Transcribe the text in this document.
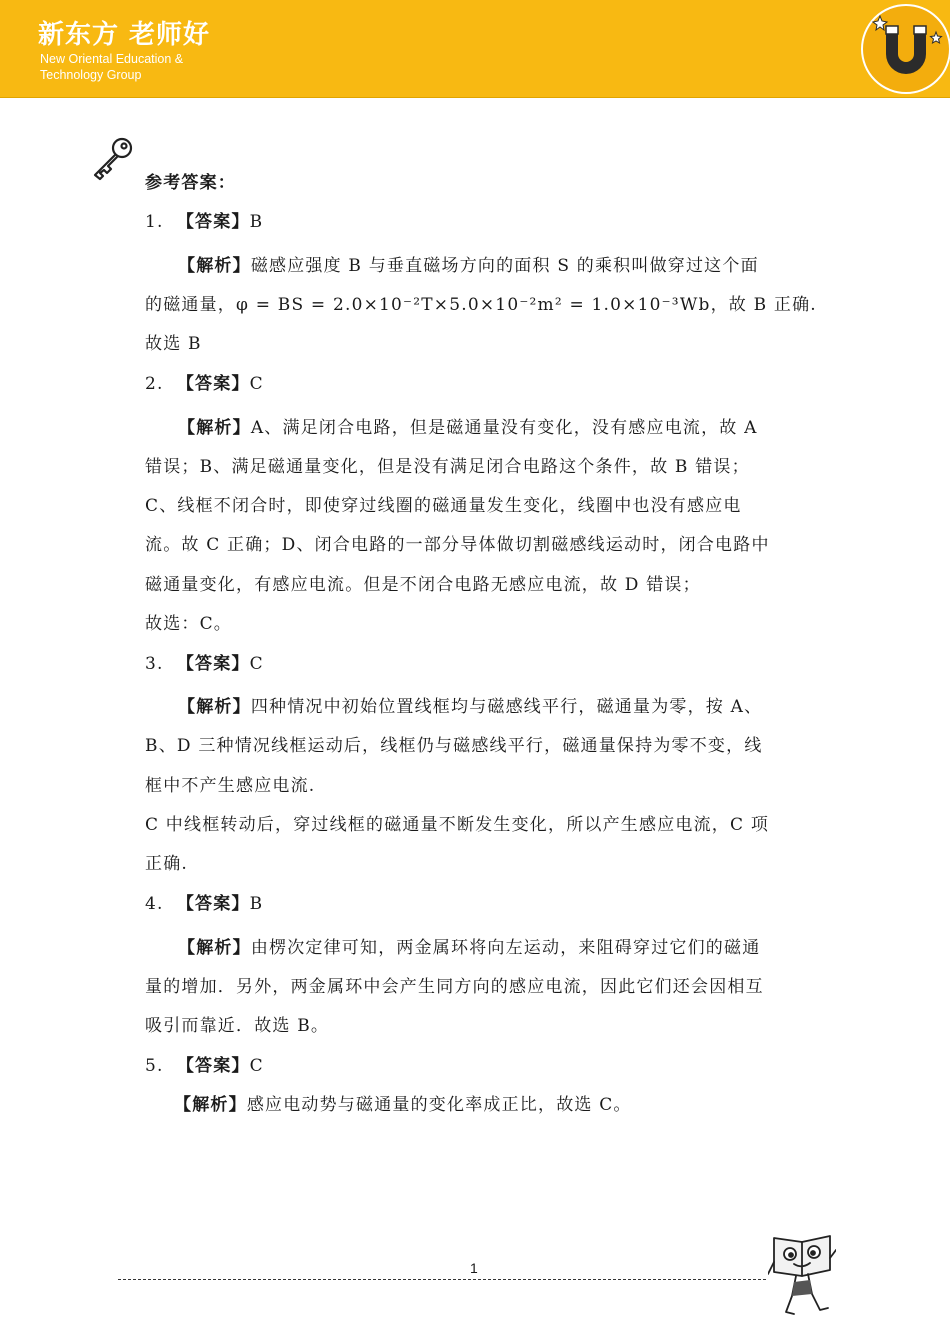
新东方 老师好
New Oriental Education &
Technology Group
参考答案：
1. 【答案】B
【解析】磁感应强度 B 与垂直磁场方向的面积 S 的乘积叫做穿过这个面
的磁通量，φ = BS = 2.0×10⁻²T×5.0×10⁻²m² = 1.0×10⁻³Wb，故 B 正确.
故选 B
2. 【答案】C
【解析】A、满足闭合电路，但是磁通量没有变化，没有感应电流，故 A
错误；B、满足磁通量变化，但是没有满足闭合电路这个条件，故 B 错误；
C、线框不闭合时，即使穿过线圈的磁通量发生变化，线圈中也没有感应电
流。故 C 正确；D、闭合电路的一部分导体做切割磁感线运动时，闭合电路中
磁通量变化，有感应电流。但是不闭合电路无感应电流，故 D 错误；
故选：C。
3. 【答案】C
【解析】四种情况中初始位置线框均与磁感线平行，磁通量为零，按 A、
B、D 三种情况线框运动后，线框仍与磁感线平行，磁通量保持为零不变，线
框中不产生感应电流.
C 中线框转动后，穿过线框的磁通量不断发生变化，所以产生感应电流，C 项
正确.
4. 【答案】B
【解析】由楞次定律可知，两金属环将向左运动，来阻碍穿过它们的磁通
量的增加．另外，两金属环中会产生同方向的感应电流，因此它们还会因相互
吸引而靠近．故选 B。
5. 【答案】C
【解析】感应电动势与磁通量的变化率成正比，故选 C。
1
